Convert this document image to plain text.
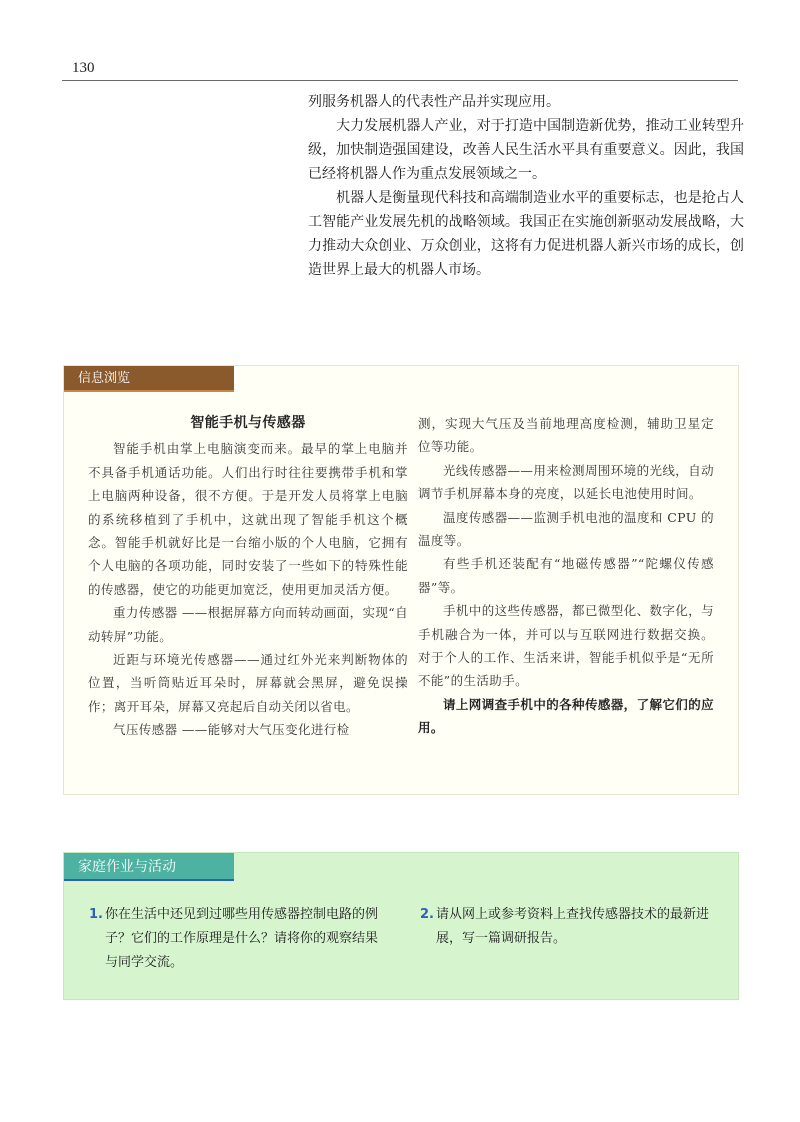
130

列服务机器人的代表性产品并实现应用。

大力发展机器人产业，对于打造中国制造新优势，推动工业转型升级，加快制造强国建设，改善人民生活水平具有重要意义。因此，我国已经将机器人作为重点发展领域之一。

机器人是衡量现代科技和高端制造业水平的重要标志，也是抢占人工智能产业发展先机的战略领域。我国正在实施创新驱动发展战略，大力推动大众创业、万众创业，这将有力促进机器人新兴市场的成长，创造世界上最大的机器人市场。

信息浏览

智能手机与传感器

智能手机由掌上电脑演变而来。最早的掌上电脑并不具备手机通话功能。人们出行时往往要携带手机和掌上电脑两种设备，很不方便。于是开发人员将掌上电脑的系统移植到了手机中，这就出现了智能手机这个概念。智能手机就好比是一台缩小版的个人电脑，它拥有个人电脑的各项功能，同时安装了一些如下的特殊性能的传感器，使它的功能更加宽泛，使用更加灵活方便。

重力传感器 ——根据屏幕方向而转动画面，实现“自动转屏”功能。

近距与环境光传感器——通过红外光来判断物体的位置，当听筒贴近耳朵时，屏幕就会黑屏，避免误操作；离开耳朵，屏幕又亮起后自动关闭以省电。

气压传感器 ——能够对大气压变化进行检

测，实现大气压及当前地理高度检测，辅助卫星定位等功能。

光线传感器——用来检测周围环境的光线，自动调节手机屏幕本身的亮度，以延长电池使用时间。

温度传感器——监测手机电池的温度和 CPU 的温度等。

有些手机还装配有“地磁传感器”“陀螺仪传感器”等。

手机中的这些传感器，都已微型化、数字化，与手机融合为一体，并可以与互联网进行数据交换。对于个人的工作、生活来讲，智能手机似乎是“无所不能”的生活助手。

请上网调查手机中的各种传感器，了解它们的应用。

家庭作业与活动
1. 你在生活中还见到过哪些用传感器控制电路的例子？它们的工作原理是什么？请将你的观察结果与同学交流。
2. 请从网上或参考资料上查找传感器技术的最新进展，写一篇调研报告。
